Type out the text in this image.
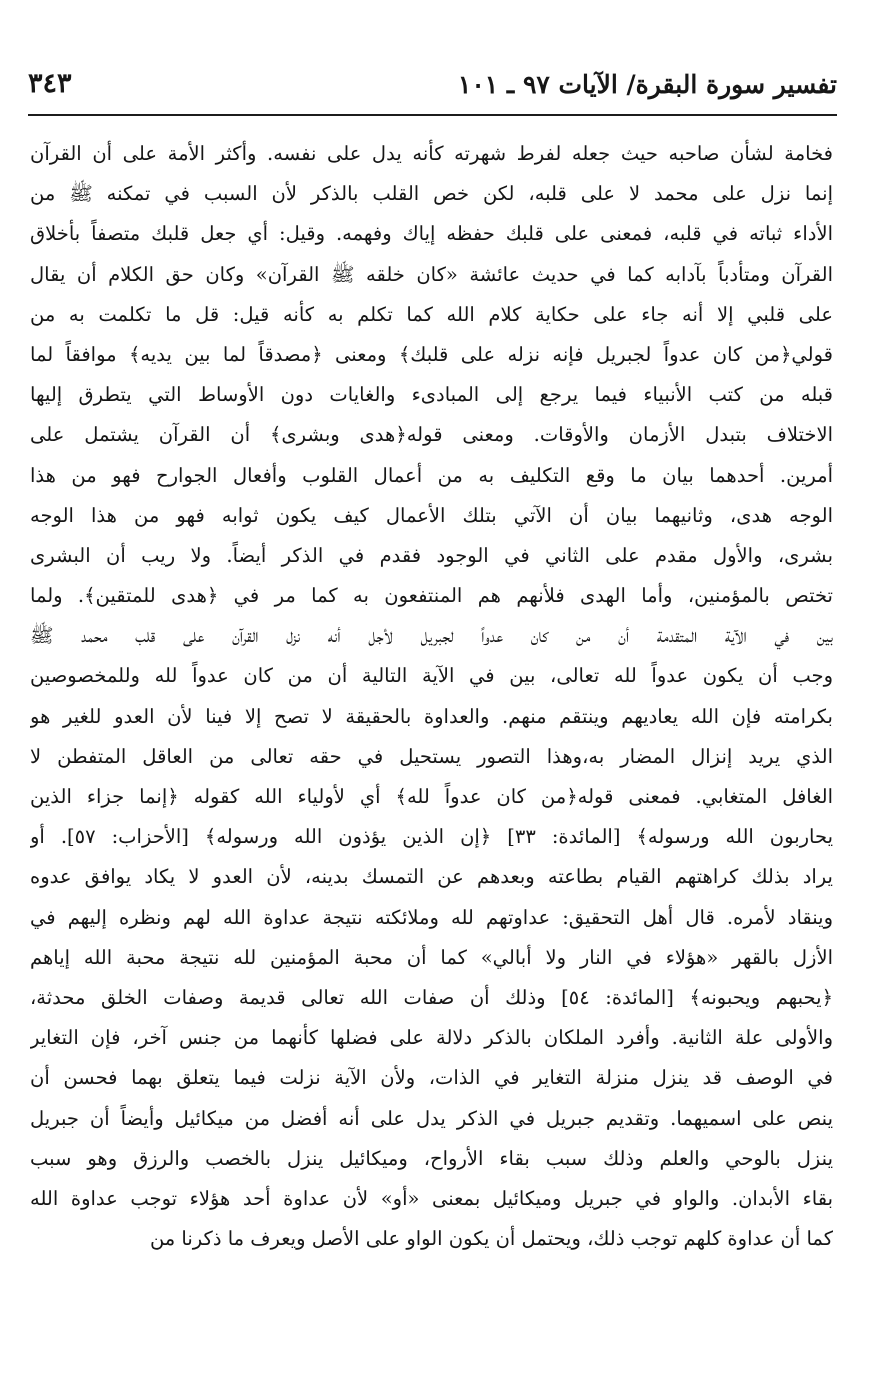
تفسير سورة البقرة/ الآيات ٩٧ ـ ١٠١
٣٤٣
فخامة لشأن صاحبه حيث جعله لفرط شهرته كأنه يدل على نفسه. وأكثر الأمة على أن القرآن
إنما نزل على محمد لا على قلبه، لكن خص القلب بالذكر لأن السبب في تمكنه ﷺ من
الأداء ثباته في قلبه، فمعنى على قلبك حفظه إياك وفهمه. وقيل: أي جعل قلبك متصفاً بأخلاق
القرآن ومتأدباً بآدابه كما في حديث عائشة «كان خلقه ﷺ القرآن» وكان حق الكلام أن يقال
على قلبي إلا أنه جاء على حكاية كلام الله كما تكلم به كأنه قيل: قل ما تكلمت به من
قولي﴿من كان عدواً لجبريل فإنه نزله على قلبك﴾ ومعنى ﴿مصدقاً لما بين يديه﴾ موافقاً لما
قبله من كتب الأنبياء فيما يرجع إلى المبادىء والغايات دون الأوساط التي يتطرق إليها
الاختلاف بتبدل الأزمان والأوقات. ومعنى قوله﴿هدى وبشرى﴾ أن القرآن يشتمل على
أمرين. أحدهما بيان ما وقع التكليف به من أعمال القلوب وأفعال الجوارح فهو من هذا
الوجه هدى، وثانيهما بيان أن الآتي بتلك الأعمال كيف يكون ثوابه فهو من هذا الوجه
بشرى، والأول مقدم على الثاني في الوجود فقدم في الذكر أيضاً. ولا ريب أن البشرى
تختص بالمؤمنين، وأما الهدى فلأنهم هم المنتفعون به كما مر في ﴿هدى للمتقين﴾. ولما
بين في الآية المتقدمة أن من كان عدواً لجبريل لأجل أنه نزل القرآن على قلب محمد ﷺ
وجب أن يكون عدواً لله تعالى، بين في الآية التالية أن من كان عدواً لله وللمخصوصين
بكرامته فإن الله يعاديهم وينتقم منهم. والعداوة بالحقيقة لا تصح إلا فينا لأن العدو للغير هو
الذي يريد إنزال المضار به،وهذا التصور يستحيل في حقه تعالى من العاقل المتفطن لا
الغافل المتغابي. فمعنى قوله﴿من كان عدواً لله﴾ أي لأولياء الله كقوله ﴿إنما جزاء الذين
يحاربون الله ورسوله﴾ [المائدة: ٣٣] ﴿إن الذين يؤذون الله ورسوله﴾ [الأحزاب: ٥٧]. أو
يراد بذلك كراهتهم القيام بطاعته وبعدهم عن التمسك بدينه، لأن العدو لا يكاد يوافق عدوه
وينقاد لأمره. قال أهل التحقيق: عداوتهم لله وملائكته نتيجة عداوة الله لهم ونظره إليهم في
الأزل بالقهر «هؤلاء في النار ولا أبالي» كما أن محبة المؤمنين لله نتيجة محبة الله إياهم
﴿يحبهم ويحبونه﴾ [المائدة: ٥٤] وذلك أن صفات الله تعالى قديمة وصفات الخلق محدثة،
والأولى علة الثانية. وأفرد الملكان بالذكر دلالة على فضلها كأنهما من جنس آخر، فإن التغاير
في الوصف قد ينزل منزلة التغاير في الذات، ولأن الآية نزلت فيما يتعلق بهما فحسن أن
ينص على اسميهما. وتقديم جبريل في الذكر يدل على أنه أفضل من ميكائيل وأيضاً أن جبريل
ينزل بالوحي والعلم وذلك سبب بقاء الأرواح، وميكائيل ينزل بالخصب والرزق وهو سبب
بقاء الأبدان. والواو في جبريل وميكائيل بمعنى «أو» لأن عداوة أحد هؤلاء توجب عداوة الله
كما أن عداوة كلهم توجب ذلك، ويحتمل أن يكون الواو على الأصل ويعرف ما ذكرنا من
